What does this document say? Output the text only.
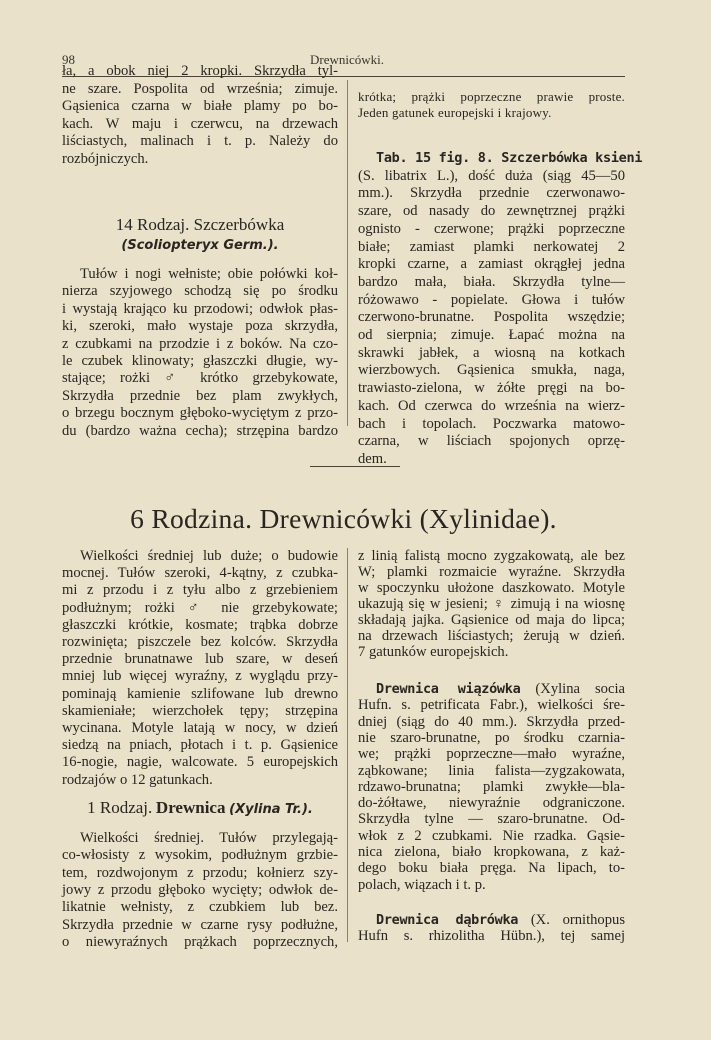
98	Drewnicówki.
6 Rodzina. Drewnicówki (Xylinidae).
1 Rodzaj. Drewnica (Xylina Tr.).
ła, a obok niej 2 kropki. Skrzydła tyl-
ne szare. Pospolita od września; zimuje.
Gąsienica czarna w białe plamy po bo-
kach. W maju i czerwcu, na drzewach
liściastych, malinach i t. p. Należy do
rozbójniczych.
14 Rodzaj. Szczerbówka
(Scoliopteryx Germ.).
Tułów i nogi wełniste; obie połówki koł-
nierza szyjowego schodzą się po środku
i wystają krająco ku przodowi; odwłok płas-
ki, szeroki, mało wystaje poza skrzydła,
z czubkami na przodzie i z boków. Na czo-
le czubek klinowaty; głaszczki długie, wy-
stające; rożki ♂ krótko grzebykowate,
Skrzydła przednie bez plam zwykłych,
o brzegu bocznym głęboko-wyciętym z przo-
du (bardzo ważna cecha); strzępina bardzo
krótka; prążki poprzeczne prawie proste.
Jeden gatunek europejski i krajowy.
Tab. 15 fig. 8. Szczerbówka ksieni
(S. libatrix L.), dość duża (siąg 45—50
mm.). Skrzydła przednie czerwonawo-
szare, od nasady do zewnętrznej prążki
ognisto - czerwone; prążki poprzeczne
białe; zamiast plamki nerkowatej 2
kropki czarne, a zamiast okrągłej jedna
bardzo mała, biała. Skrzydła tylne—
różowawo - popielate. Głowa i tułów
czerwono-brunatne. Pospolita wszędzie;
od sierpnia; zimuje. Łapać można na
skrawki jabłek, a wiosną na kotkach
wierzbowych. Gąsienica smukła, naga,
trawiasto-zielona, w żółte pręgi na bo-
kach. Od czerwca do września na wierz-
bach i topolach. Poczwarka matowo-
czarna, w liściach spojonych oprzę-
dem.
Wielkości średniej lub duże; o budowie
mocnej. Tułów szeroki, 4-kątny, z czubka-
mi z przodu i z tyłu albo z grzebieniem
podłużnym; rożki ♂ nie grzebykowate;
głaszczki krótkie, kosmate; trąbka dobrze
rozwinięta; piszczele bez kolców. Skrzydła
przednie brunatnawe lub szare, w deseń
mniej lub więcej wyraźny, z wyglądu przy-
pominają kamienie szlifowane lub drewno
skamieniałe; wierzchołek tępy; strzępina
wycinana. Motyle latają w nocy, w dzień
siedzą na pniach, płotach i t. p. Gąsienice
16-nogie, nagie, walcowate. 5 europejskich
rodzajów o 12 gatunkach.
Wielkości średniej. Tułów przylegają-
co-włosisty z wysokim, podłużnym grzbie-
tem, rozdwojonym z przodu; kołnierz szy-
jowy z przodu głęboko wycięty; odwłok de-
likatnie wełnisty, z czubkiem lub bez.
Skrzydła przednie w czarne rysy podłużne,
o niewyraźnych prążkach poprzecznych,
z linią falistą mocno zygzakowatą, ale bez
W; plamki rozmaicie wyraźne. Skrzydła
w spoczynku ułożone daszkowato. Motyle
ukazują się w jesieni; ♀ zimują i na wiosnę
składają jajka. Gąsienice od maja do lipca;
na drzewach liściastych; żerują w dzień.
7 gatunków europejskich.
Drewnica wiązówka (Xylina socia
Hufn. s. petrificata Fabr.), wielkości śre-
dniej (siąg do 40 mm.). Skrzydła przed-
nie szaro-brunatne, po środku czarnia-
we; prążki poprzeczne—mało wyraźne,
ząbkowane; linia falista—zygzakowata,
rdzawo-brunatna; plamki zwykłe—bla-
do-żółtawe, niewyraźnie odgraniczone.
Skrzydła tylne — szaro-brunatne. Od-
włok z 2 czubkami. Nie rzadka. Gąsie-
nica zielona, biało kropkowana, z każ-
dego boku biała pręga. Na lipach, to-
polach, wiązach i t. p.
Drewnica dąbrówka (X. ornithopus
Hufn s. rhizolitha Hübn.), tej samej
